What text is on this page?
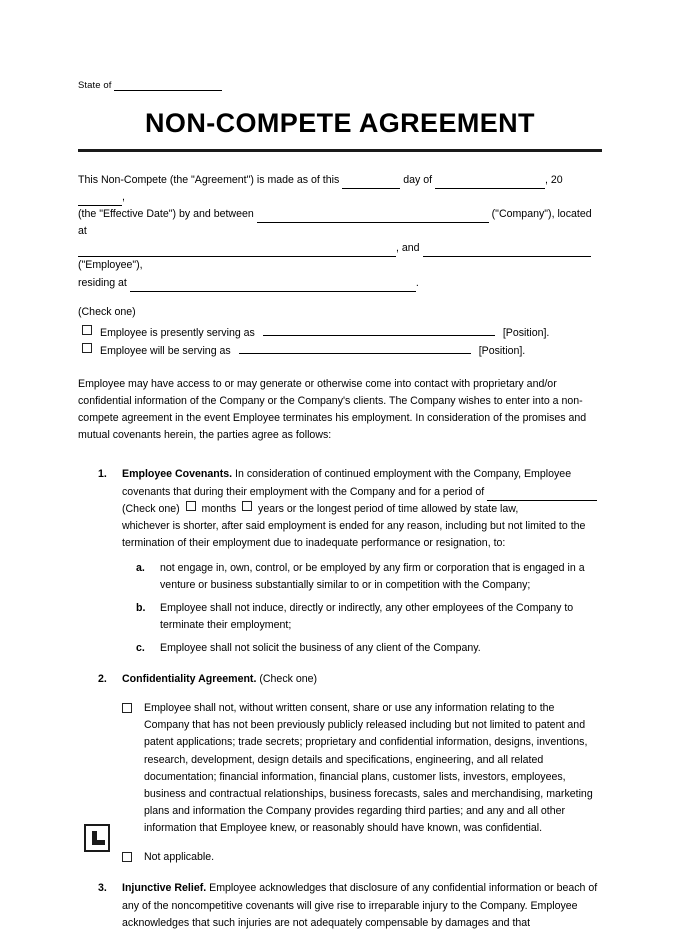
State of
NON-COMPETE AGREEMENT

This Non-Compete (the "Agreement") is made as of this	day of	, 20,
(the "Effective Date") by and between	("Company"), located at
, and  ("Employee"),
residing at	.

(Check one)
Employee is presently serving as	[Position].
Employee will be serving as	[Position].

Employee may have access to or may generate or otherwise come into contact with proprietary and/or confidential information of the Company or the Company's clients. The Company wishes to enter into a non-compete agreement in the event Employee terminates his employment. In consideration of the promises and mutual covenants herein, the parties agree as follows:

1. Employee Covenants. In consideration of continued employment with the Company, Employee covenants that during their employment with the Company and for a period of
(Check one) months years or the longest period of time allowed by state law,
whichever is shorter, after said employment is ended for any reason, including but not limited to the termination of their employment due to inadequate performance or resignation, to:
a. not engage in, own, control, or be employed by any firm or corporation that is engaged in a venture or business substantially similar to or in competition with the Company;
b. Employee shall not induce, directly or indirectly, any other employees of the Company to terminate their employment;
c. Employee shall not solicit the business of any client of the Company.
2. Confidentiality Agreement. (Check one)
Employee shall not, without written consent, share or use any information relating to the Company that has not been previously publicly released including but not limited to patent and patent applications; trade secrets; proprietary and confidential information, designs, inventions, research, development, design details and specifications, engineering, and all related documentation; financial information, financial plans, customer lists, investors, employees, business and contractual relationships, business forecasts, sales and merchandising, marketing plans and information the Company provides regarding third parties; and any and all other information that Employee knew, or reasonably should have known, was confidential.
Not applicable.
3. Injunctive Relief. Employee acknowledges that disclosure of any confidential information or beach of any of the noncompetitive covenants will give rise to irreparable injury to the Company. Employee acknowledges that such injuries are not adequately compensable by damages and that
